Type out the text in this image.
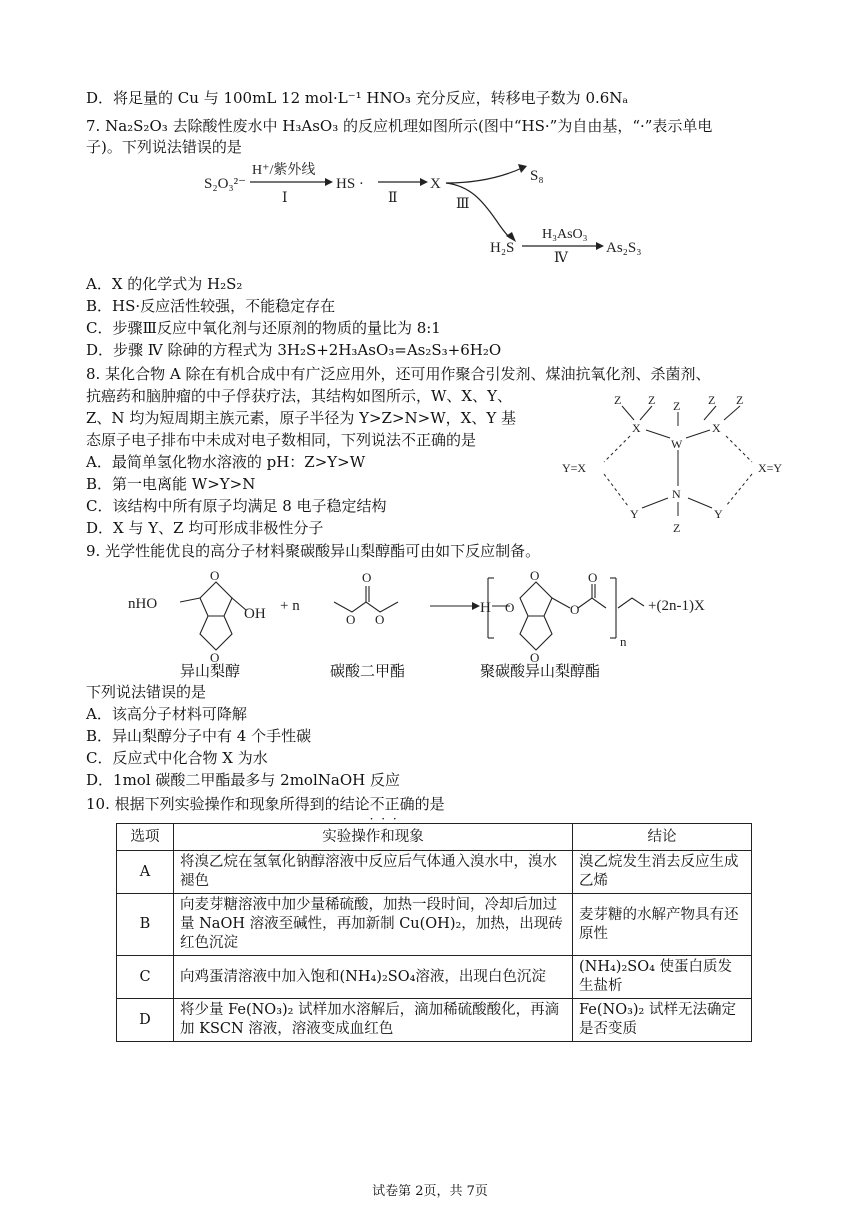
D．将足量的 Cu 与 100mL 12 mol·L⁻¹ HNO₃ 充分反应，转移电子数为 0.6Nₐ
7. Na₂S₂O₃ 去除酸性废水中 H₃AsO₃ 的反应机理如图所示(图中“HS·”为自由基，“·”表示单电
子)。下列说法错误的是
S₂O₃²⁻
H⁺/紫外线
Ⅰ
HS ·
Ⅱ
X	S₈
Ⅲ
H₂S
H₃AsO₃
Ⅳ
As₂S₃
A．X 的化学式为 H₂S₂
B．HS·反应活性较强，不能稳定存在
C．步骤Ⅲ反应中氧化剂与还原剂的物质的量比为 8:1
D．步骤 Ⅳ 除砷的方程式为 3H₂S+2H₃AsO₃=As₂S₃+6H₂O
8. 某化合物 A 除在有机合成中有广泛应用外，还可用作聚合引发剂、煤油抗氧化剂、杀菌剂、
抗癌药和脑肿瘤的中子俘获疗法，其结构如图所示，W、X、Y、
Z、N 均为短周期主族元素，原子半径为 Y>Z>N>W，X、Y 基
态原子电子排布中未成对电子数相同，下列说法不正确的是
A．最简单氢化物水溶液的 pH：Z>Y>W
B．第一电离能 W>Y>N
C．该结构中所有原子均满足 8 电子稳定结构
D．X 与 Y、Z 均可形成非极性分子
Z Z Z Z Z
X	X
W
Y=X	X=Y
N
Y	Y
Z
9. 光学性能优良的高分子材料聚碳酸异山梨醇酯可由如下反应制备。
nHO
OH + n	H
n
+(2n-1)X
O
O
O
O O
O
O
O
O
O
异山梨醇	碳酸二甲酯	聚碳酸异山梨醇酯
下列说法错误的是
A．该高分子材料可降解
B．异山梨醇分子中有 4 个手性碳
C．反应式中化合物 X 为水
D．1mol 碳酸二甲酯最多与 2molNaOH 反应
10. 根据下列实验操作和现象所得到的结论不正确 · · ·的是
选项	实验操作和现象	结论
A	将溴乙烷在氢氧化钠醇溶液中反应后气体通入溴水中，溴水褪色	溴乙烷发生消去反应生成乙烯
B	向麦芽糖溶液中加少量稀硫酸，加热一段时间，冷却后加过量 NaOH 溶液至碱性，再加新制 Cu(OH)₂，加热，出现砖红色沉淀	麦芽糖的水解产物具有还原性
C	向鸡蛋清溶液中加入饱和(NH₄)₂SO₄溶液，出现白色沉淀	(NH₄)₂SO₄ 使蛋白质发生盐析
D	将少量 Fe(NO₃)₂ 试样加水溶解后，滴加稀硫酸酸化，再滴加 KSCN 溶液，溶液变成血红色	Fe(NO₃)₂ 试样无法确定是否变质
试卷第 2页，共 7页
